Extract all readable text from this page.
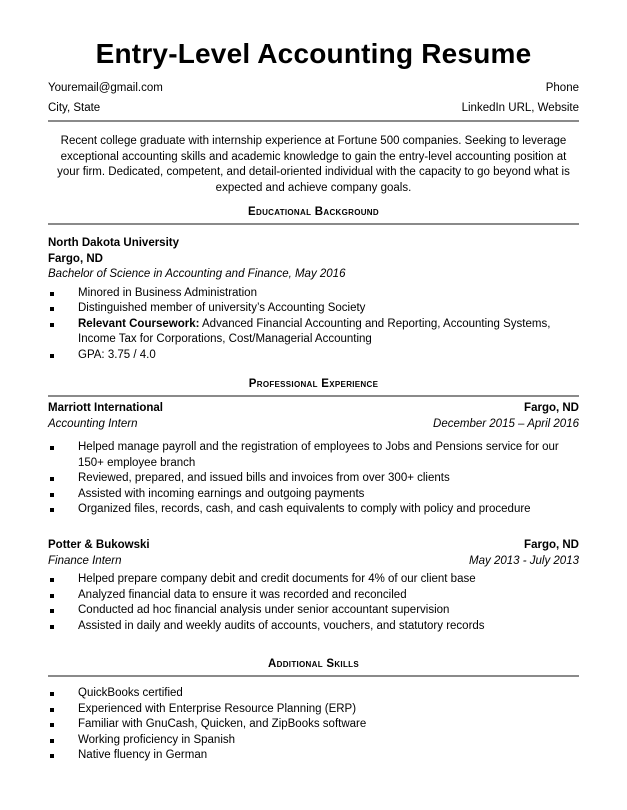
Entry-Level Accounting Resume
Youremail@gmail.com	Phone
City, State	LinkedIn URL, Website
Recent college graduate with internship experience at Fortune 500 companies. Seeking to leverage exceptional accounting skills and academic knowledge to gain the entry-level accounting position at your firm. Dedicated, competent, and detail-oriented individual with the capacity to go beyond what is expected and achieve company goals.
Educational Background
North Dakota University
Fargo, ND
Bachelor of Science in Accounting and Finance, May 2016
Minored in Business Administration
Distinguished member of university’s Accounting Society
Relevant Coursework: Advanced Financial Accounting and Reporting, Accounting Systems, Income Tax for Corporations, Cost/Managerial Accounting
GPA: 3.75 / 4.0
Professional Experience
Marriott International	Fargo, ND
Accounting Intern	December 2015 – April 2016
Helped manage payroll and the registration of employees to Jobs and Pensions service for our 150+ employee branch
Reviewed, prepared, and issued bills and invoices from over 300+ clients
Assisted with incoming earnings and outgoing payments
Organized files, records, cash, and cash equivalents to comply with policy and procedure
Potter & Bukowski	Fargo, ND
Finance Intern	May 2013 - July 2013
Helped prepare company debit and credit documents for 4% of our client base
Analyzed financial data to ensure it was recorded and reconciled
Conducted ad hoc financial analysis under senior accountant supervision
Assisted in daily and weekly audits of accounts, vouchers, and statutory records
Additional Skills
QuickBooks certified
Experienced with Enterprise Resource Planning (ERP)
Familiar with GnuCash, Quicken, and ZipBooks software
Working proficiency in Spanish
Native fluency in German
